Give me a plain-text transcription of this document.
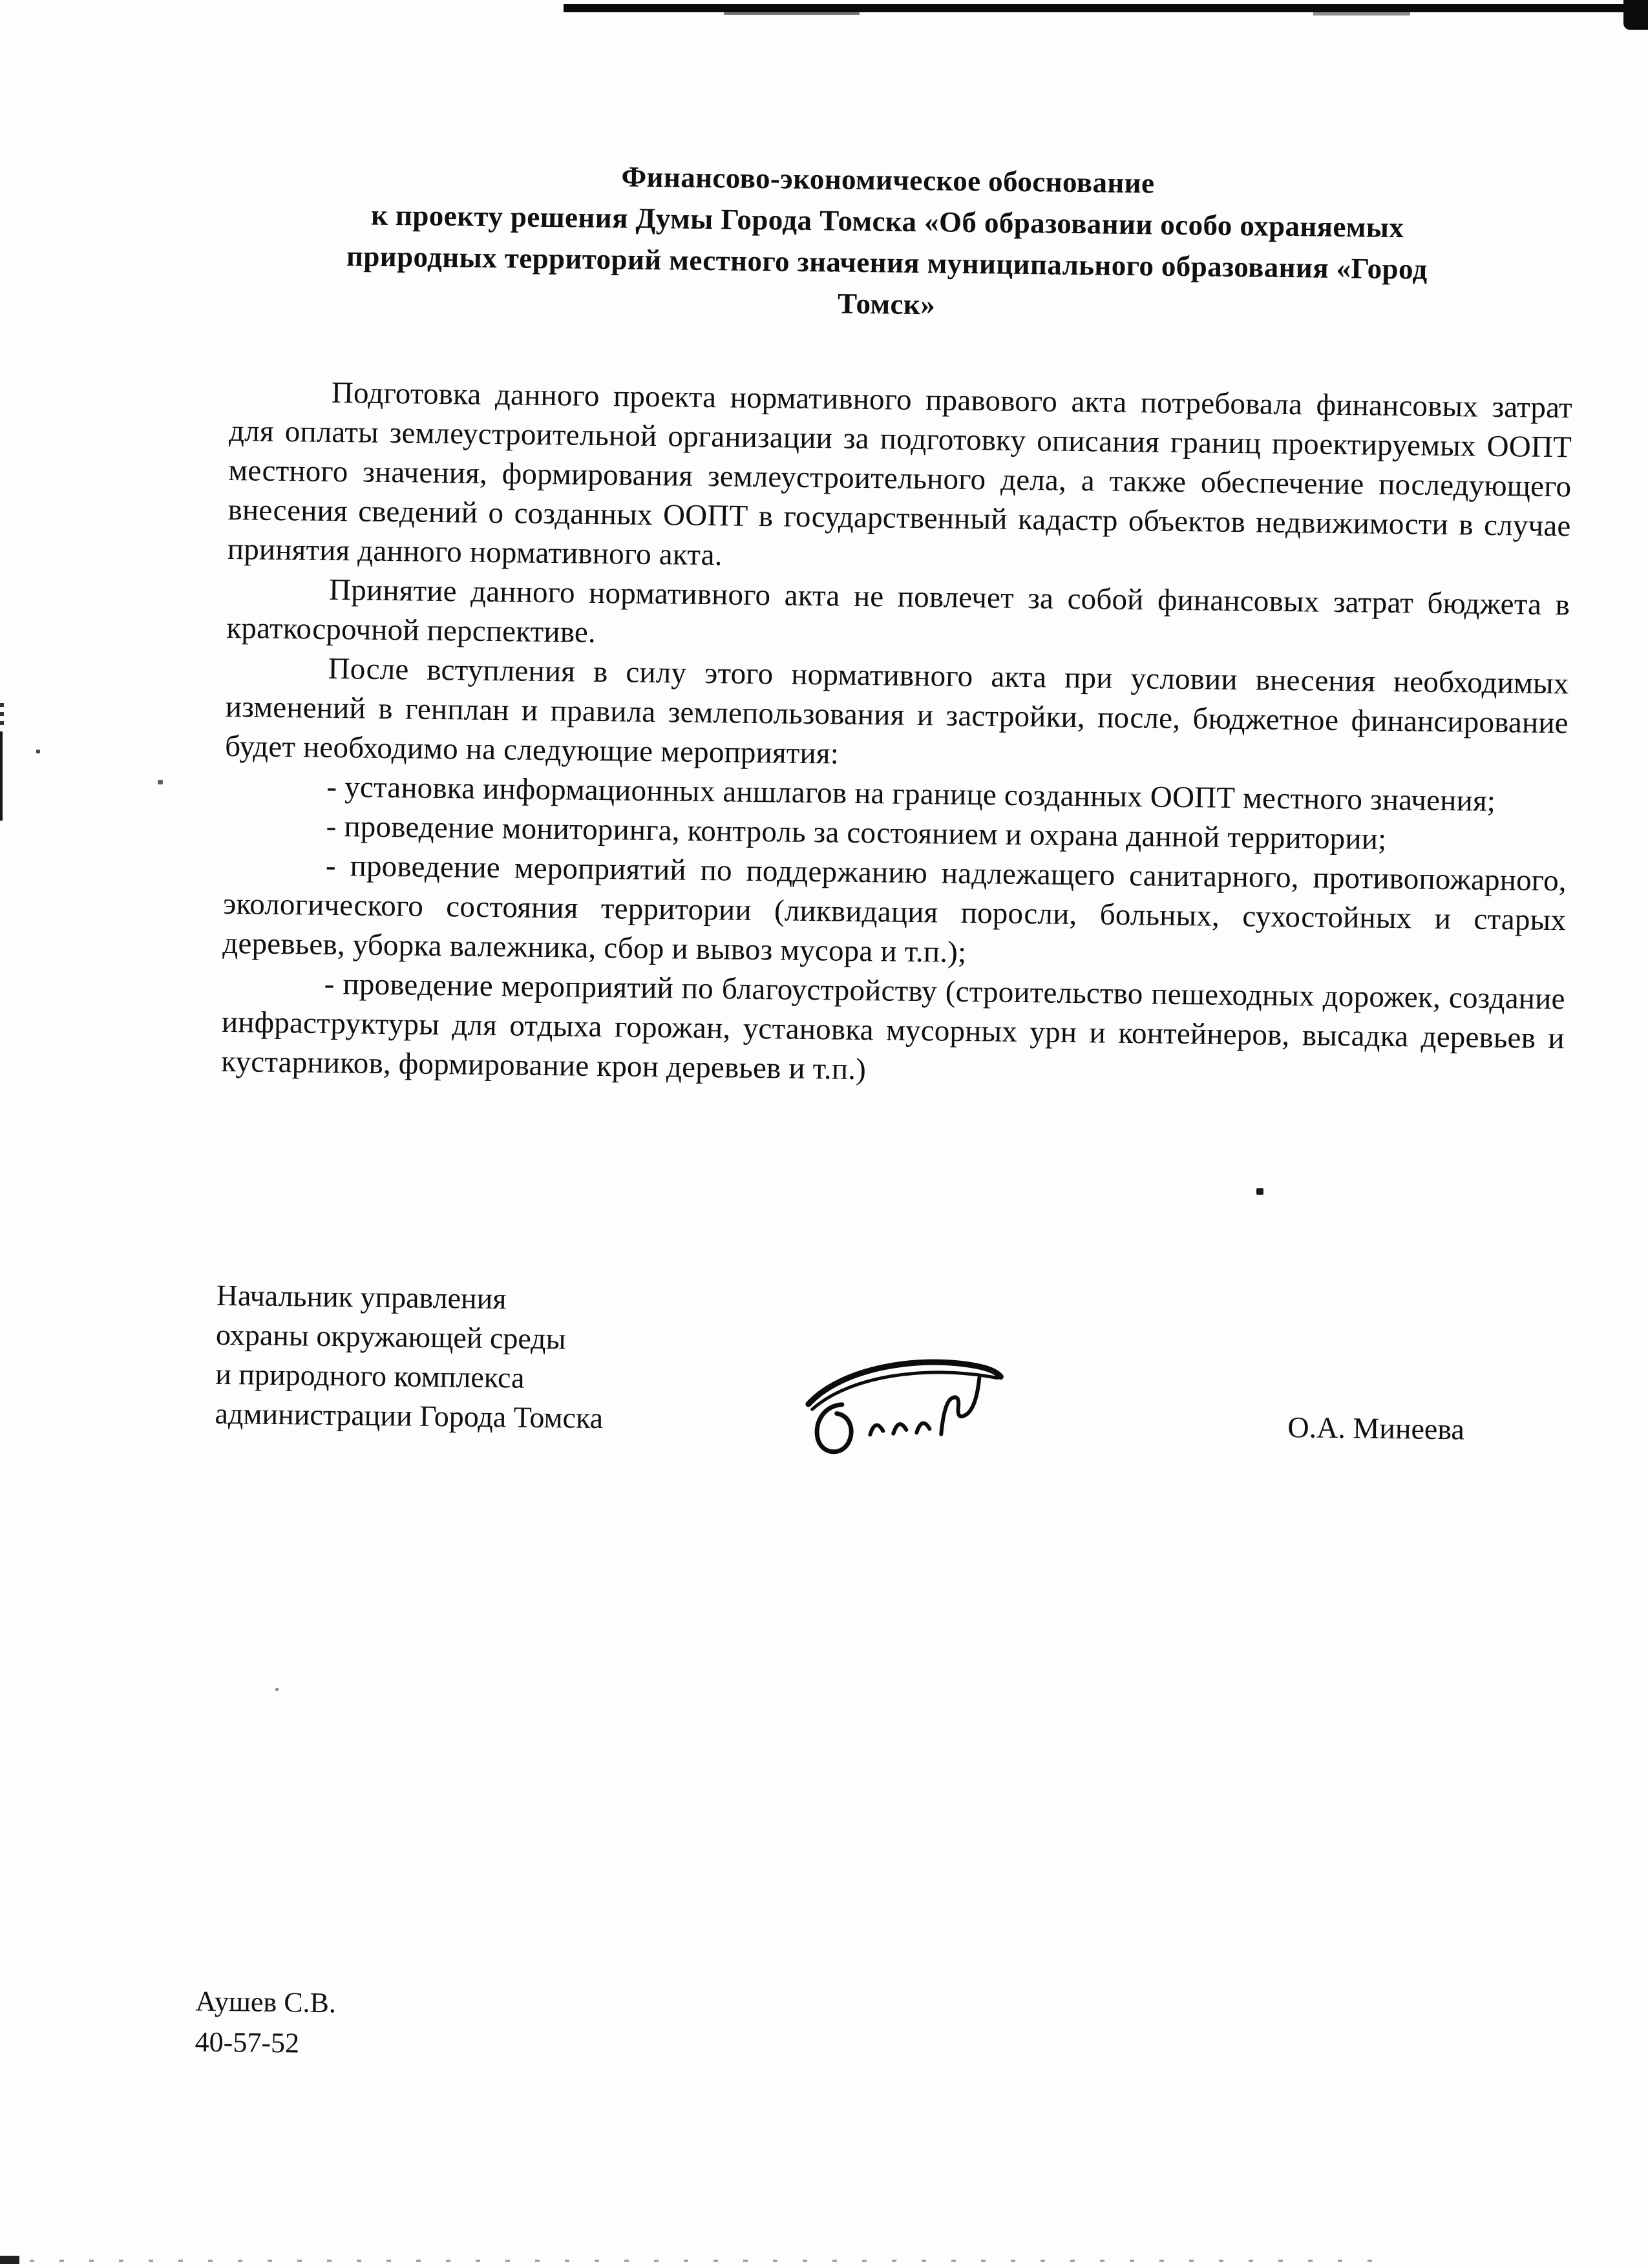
Финансово-экономическое обоснование
к проекту решения Думы Города Томска «Об образовании особо охраняемых
природных территорий местного значения муниципального образования «Город
Томск»

Подготовка данного проекта нормативного правового акта потребовала финансовых затрат для оплаты землеустроительной организации за подготовку описания границ проектируемых ООПТ местного значения, формирования землеустроительного дела, а также обеспечение последующего внесения сведений о созданных ООПТ в государственный кадастр объектов недвижимости в случае принятия данного нормативного акта.

Принятие данного нормативного акта не повлечет за собой финансовых затрат бюджета в краткосрочной перспективе.

После вступления в силу этого нормативного акта при условии внесения необходимых изменений в генплан и правила землепользования и застройки, после, бюджетное финансирование будет необходимо на следующие мероприятия:

- установка информационных аншлагов на границе созданных ООПТ местного значения;

- проведение мониторинга, контроль за состоянием и охрана данной территории;

- проведение мероприятий по поддержанию надлежащего санитарного, противопожарного, экологического состояния территории (ликвидация поросли, больных, сухостойных и старых деревьев, уборка валежника, сбор и вывоз мусора и т.п.);

- проведение мероприятий по благоустройству (строительство пешеходных дорожек, создание инфраструктуры для отдыха горожан, установка мусорных урн и контейнеров, высадка деревьев и кустарников, формирование крон деревьев и т.п.)

Начальник управления
охраны окружающей среды
и природного комплекса
администрации Города Томска	О.А. Минеева
Аушев С.В.
40-57-52
